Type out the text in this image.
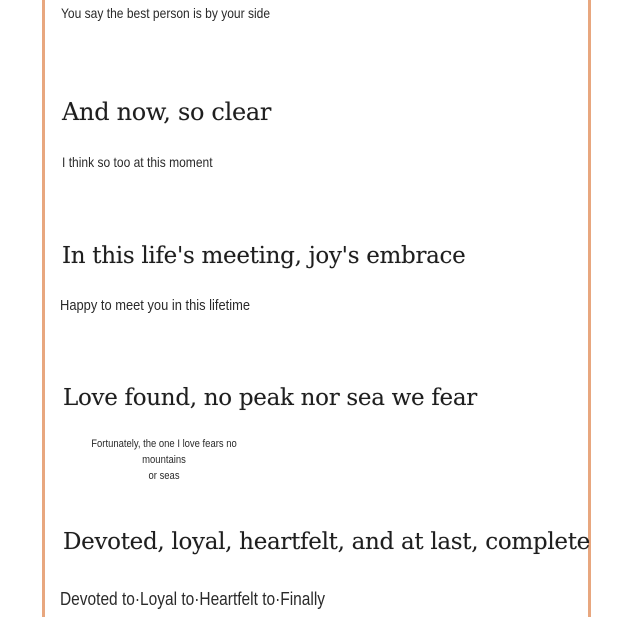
You say the best person is by your side
And now, so clear
I think so too at this moment
In this life's meeting, joy's embrace
Happy to meet you in this lifetime
Love found, no peak nor sea we fear
Fortunately, the one I love fears no mountains
or seas
Devoted, loyal, heartfelt, and at last, complete
Devoted to·Loyal to·Heartfelt to·Finally
